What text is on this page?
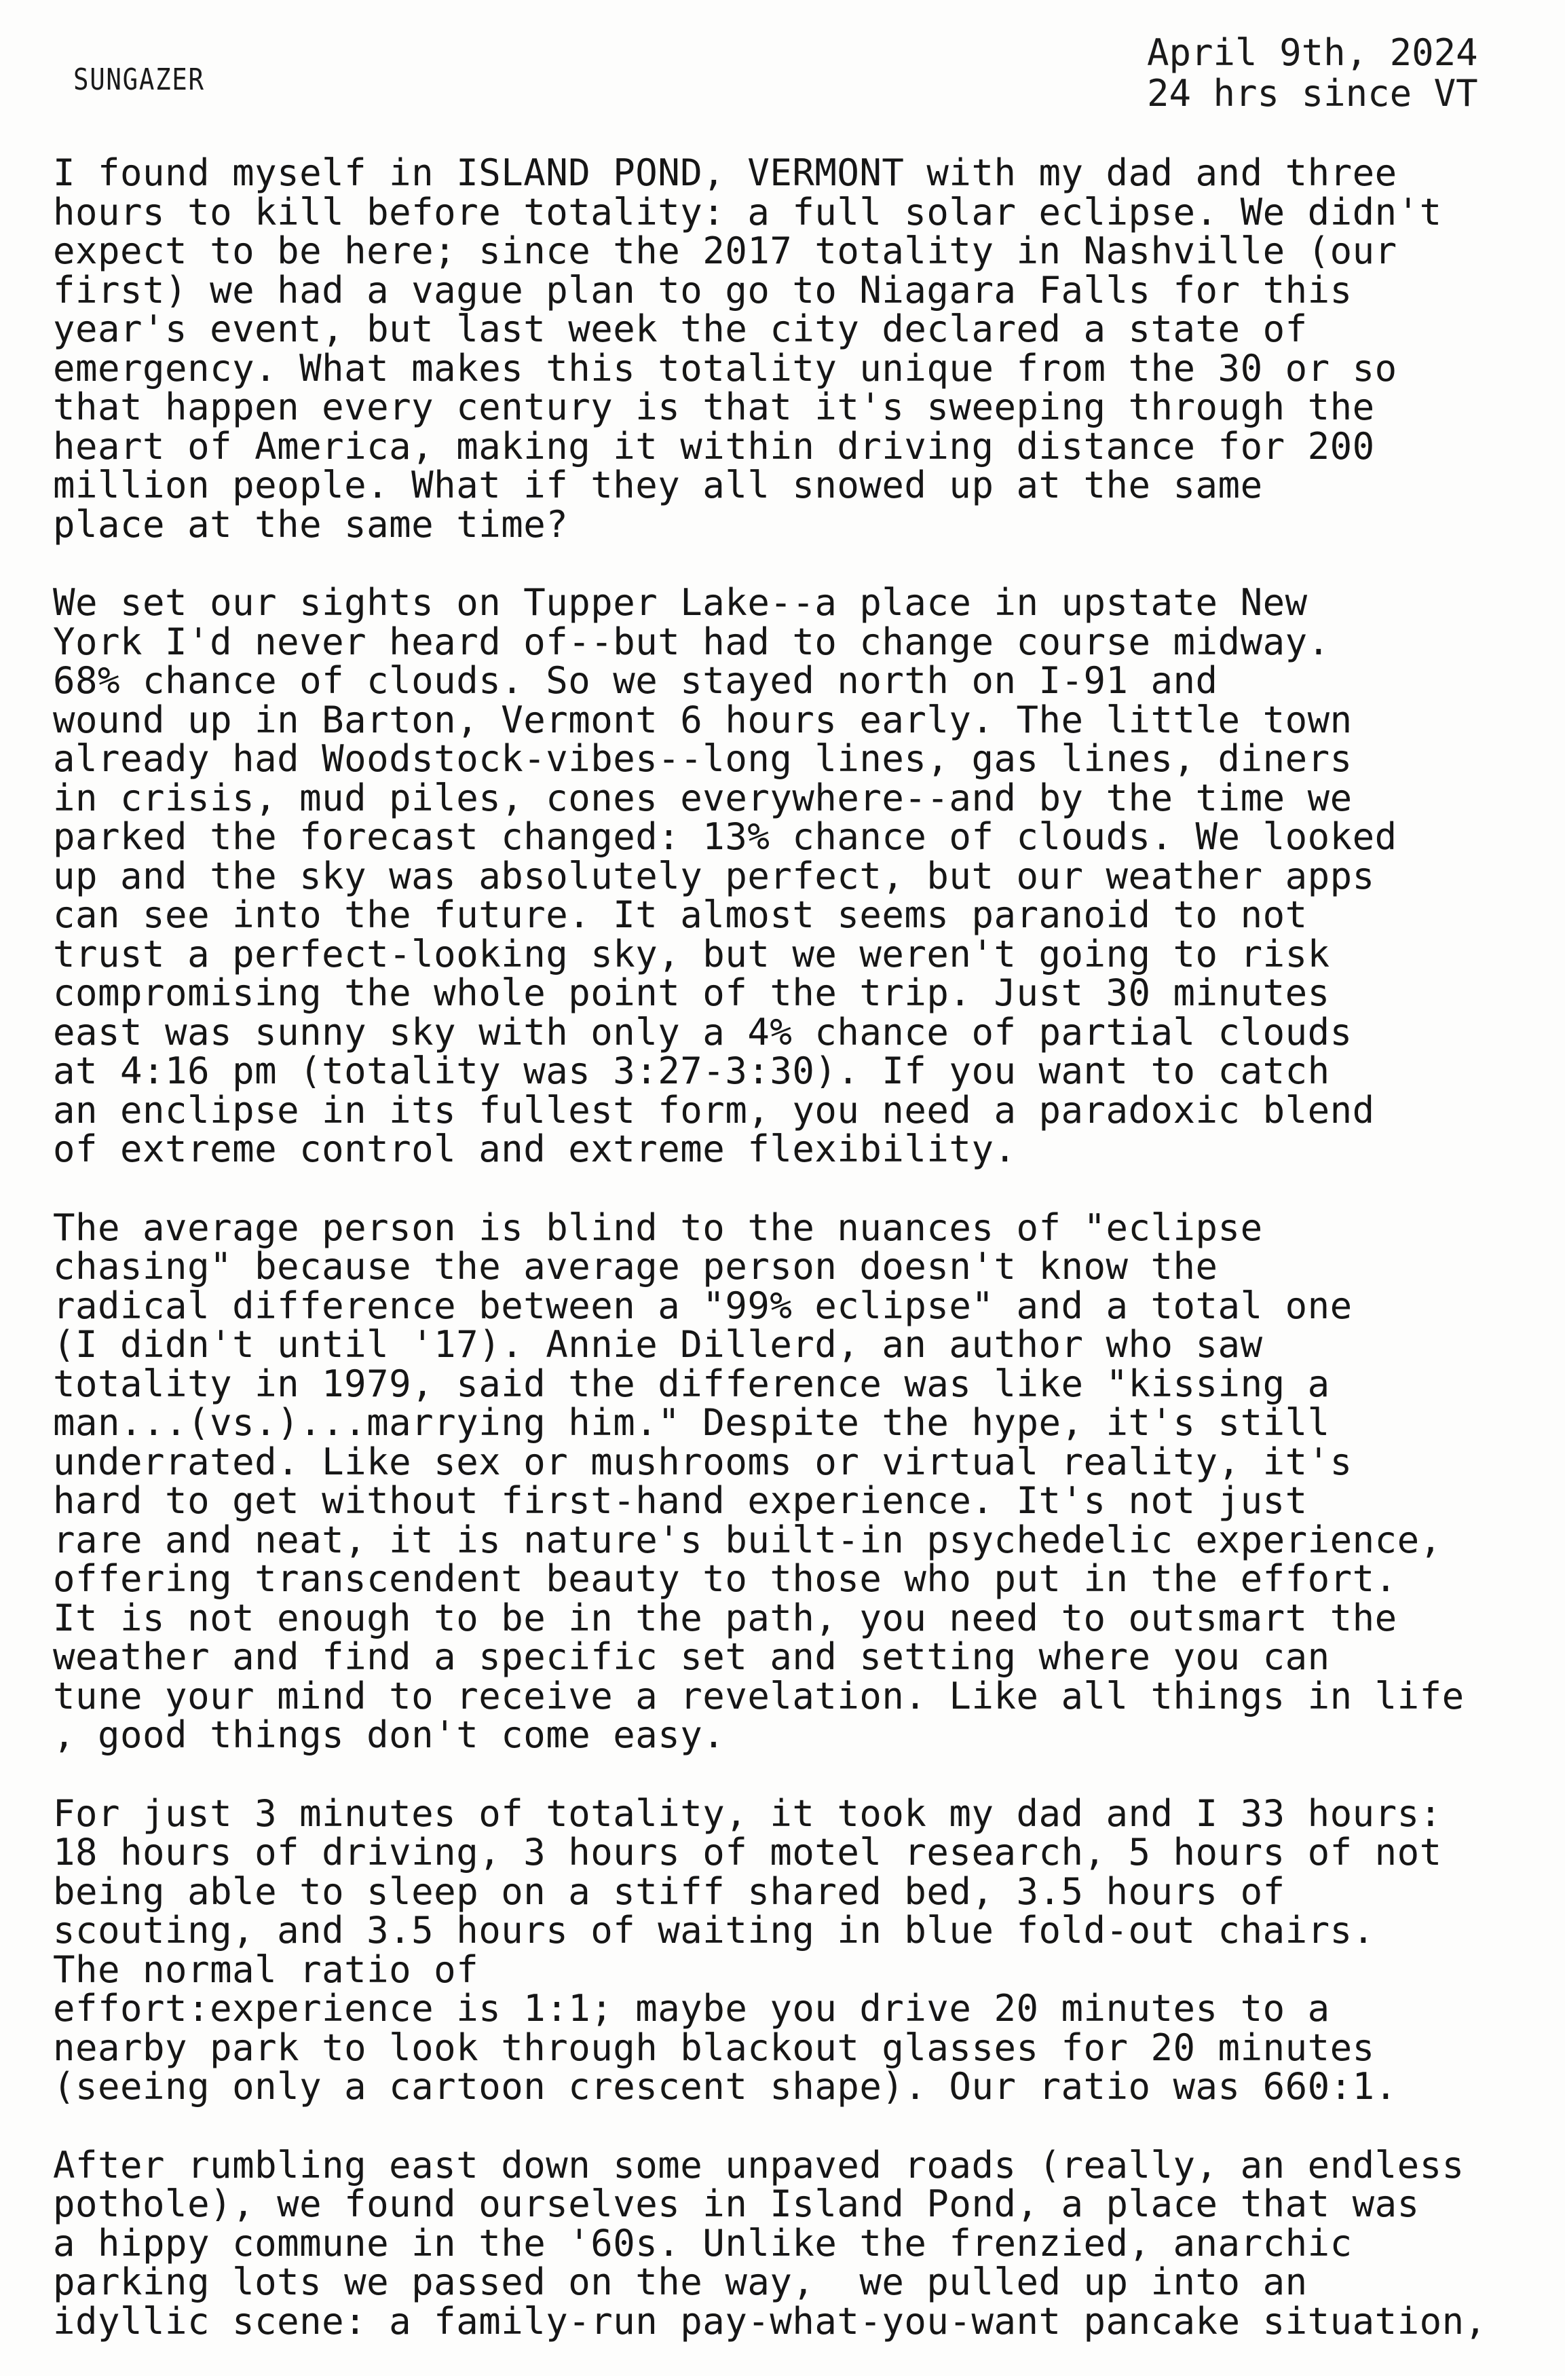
SUNGAZER
April 9th, 2024
24 hrs since VT
I found myself in ISLAND POND, VERMONT with my dad and three
hours to kill before totality: a full solar eclipse. We didn't
expect to be here; since the 2017 totality in Nashville (our
first) we had a vague plan to go to Niagara Falls for this
year's event, but last week the city declared a state of
emergency. What makes this totality unique from the 30 or so
that happen every century is that it's sweeping through the
heart of America, making it within driving distance for 200
million people. What if they all snowed up at the same
place at the same time?
We set our sights on Tupper Lake--a place in upstate New
York I'd never heard of--but had to change course midway.
68% chance of clouds. So we stayed north on I-91 and
wound up in Barton, Vermont 6 hours early. The little town
already had Woodstock-vibes--long lines, gas lines, diners
in crisis, mud piles, cones everywhere--and by the time we
parked the forecast changed: 13% chance of clouds. We looked
up and the sky was absolutely perfect, but our weather apps
can see into the future. It almost seems paranoid to not
trust a perfect-looking sky, but we weren't going to risk
compromising the whole point of the trip. Just 30 minutes
east was sunny sky with only a 4% chance of partial clouds
at 4:16 pm (totality was 3:27-3:30). If you want to catch
an enclipse in its fullest form, you need a paradoxic blend
of extreme control and extreme flexibility.
The average person is blind to the nuances of "eclipse
chasing" because the average person doesn't know the
radical difference between a "99% eclipse" and a total one
(I didn't until '17). Annie Dillerd, an author who saw
totality in 1979, said the difference was like "kissing a
man...(vs.)...marrying him." Despite the hype, it's still
underrated. Like sex or mushrooms or virtual reality, it's
hard to get without first-hand experience. It's not just
rare and neat, it is nature's built-in psychedelic experience,
offering transcendent beauty to those who put in the effort.
It is not enough to be in the path, you need to outsmart the
weather and find a specific set and setting where you can
tune your mind to receive a revelation. Like all things in life
, good things don't come easy.
For just 3 minutes of totality, it took my dad and I 33 hours:
18 hours of driving, 3 hours of motel research, 5 hours of not
being able to sleep on a stiff shared bed, 3.5 hours of
scouting, and 3.5 hours of waiting in blue fold-out chairs.
The normal ratio of
effort:experience is 1:1; maybe you drive 20 minutes to a
nearby park to look through blackout glasses for 20 minutes
(seeing only a cartoon crescent shape). Our ratio was 660:1.
After rumbling east down some unpaved roads (really, an endless
pothole), we found ourselves in Island Pond, a place that was
a hippy commune in the '60s. Unlike the frenzied, anarchic
parking lots we passed on the way,  we pulled up into an
idyllic scene: a family-run pay-what-you-want pancake situation,
